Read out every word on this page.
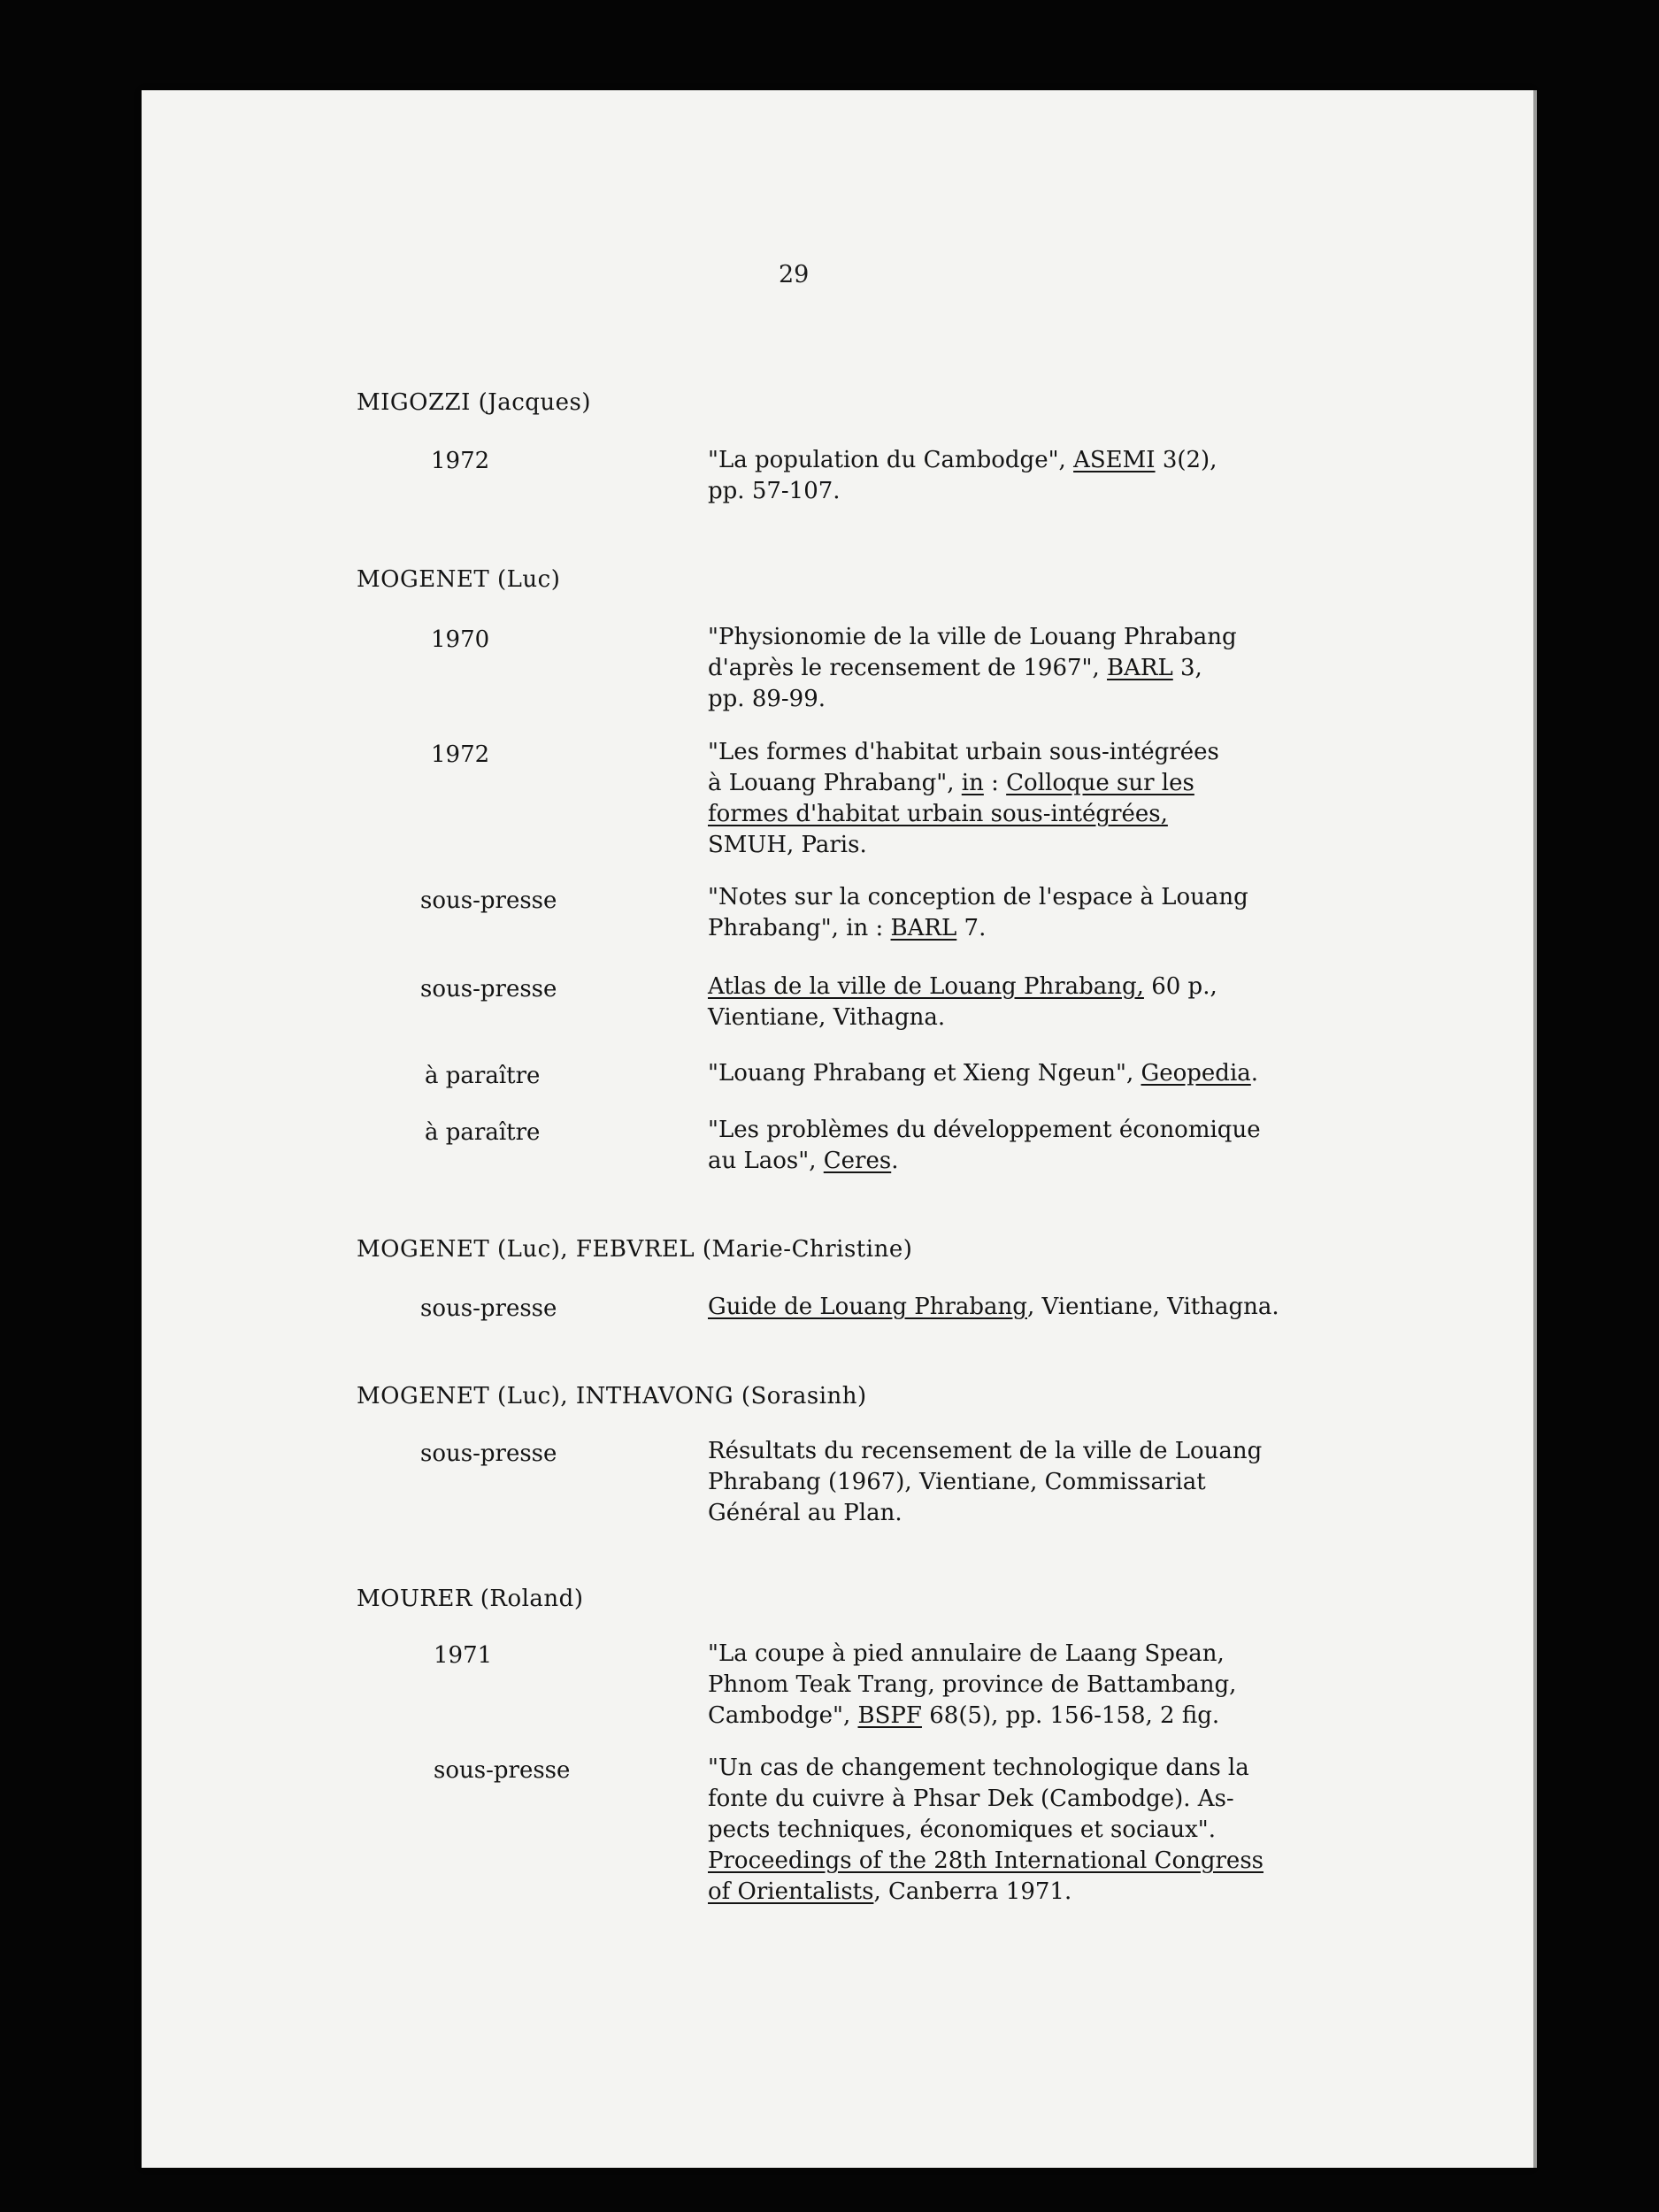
29
MIGOZZI (Jacques)
1972	"La population du Cambodge", ASEMI 3(2),
pp. 57-107.
MOGENET (Luc)
1970	"Physionomie de la ville de Louang Phrabang
d'après le recensement de 1967", BARL 3,
pp. 89-99.
1972	"Les formes d'habitat urbain sous-intégrées
à Louang Phrabang", in : Colloque sur les
formes d'habitat urbain sous-intégrées,
SMUH, Paris.
sous-presse	"Notes sur la conception de l'espace à Louang
Phrabang", in : BARL 7.
sous-presse	Atlas de la ville de Louang Phrabang, 60 p.,
Vientiane, Vithagna.
à paraître	"Louang Phrabang et Xieng Ngeun", Geopedia.
à paraître	"Les problèmes du développement économique
au Laos", Ceres.
MOGENET (Luc), FEBVREL (Marie-Christine)
sous-presse	Guide de Louang Phrabang, Vientiane, Vithagna.
MOGENET (Luc), INTHAVONG (Sorasinh)
sous-presse	Résultats du recensement de la ville de Louang
Phrabang (1967), Vientiane, Commissariat
Général au Plan.
MOURER (Roland)
1971	"La coupe à pied annulaire de Laang Spean,
Phnom Teak Trang, province de Battambang,
Cambodge", BSPF 68(5), pp. 156-158, 2 fig.
sous-presse	"Un cas de changement technologique dans la
fonte du cuivre à Phsar Dek (Cambodge). As-
pects techniques, économiques et sociaux".
Proceedings of the 28th International Congress
of Orientalists, Canberra 1971.
